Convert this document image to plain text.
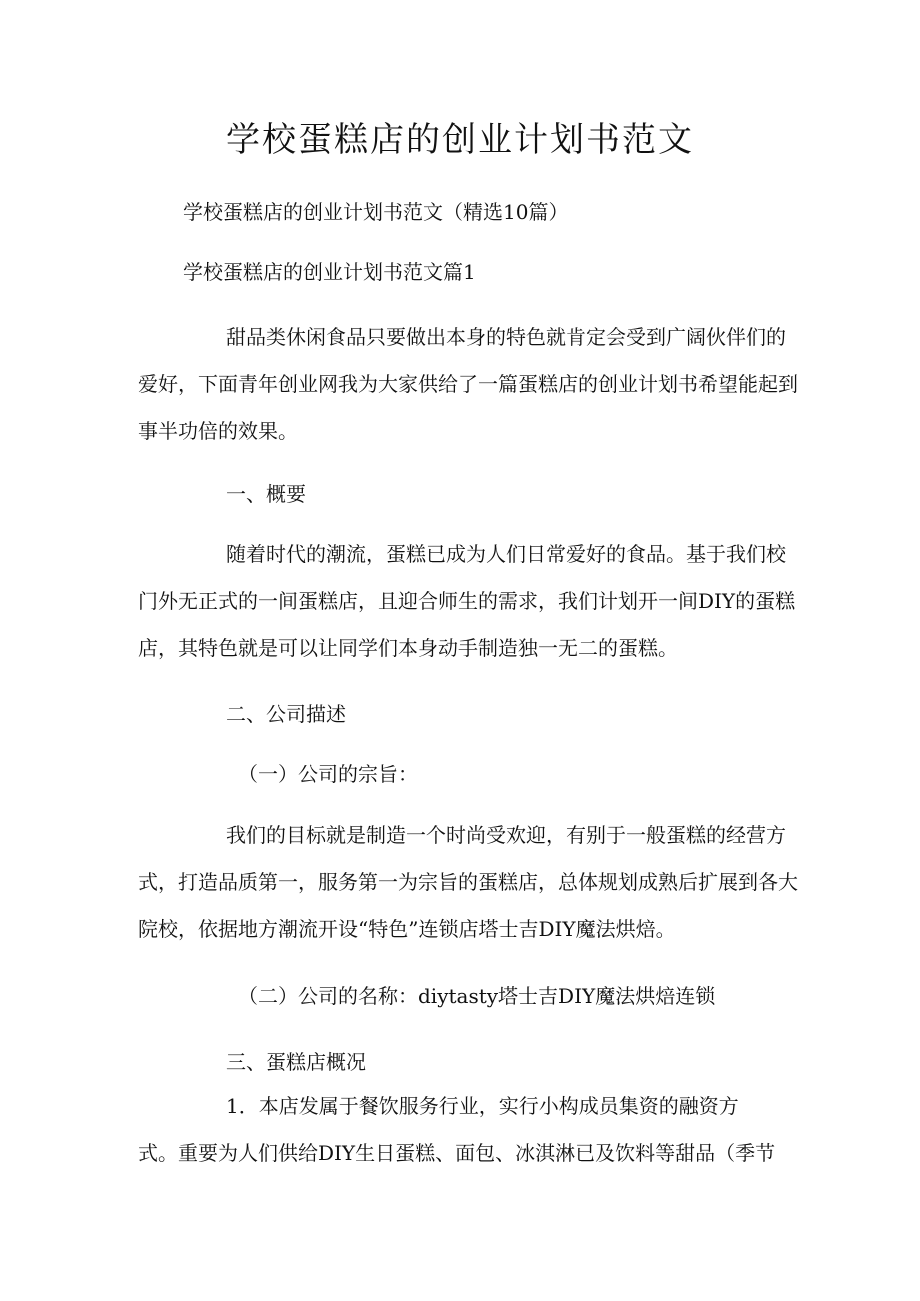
学校蛋糕店的创业计划书范文
学校蛋糕店的创业计划书范文（精选10篇）
学校蛋糕店的创业计划书范文篇1
甜品类休闲食品只要做出本身的特色就肯定会受到广阔伙伴们的爱好，下面青年创业网我为大家供给了一篇蛋糕店的创业计划书希望能起到事半功倍的效果。
一、概要
随着时代的潮流，蛋糕已成为人们日常爱好的食品。基于我们校门外无正式的一间蛋糕店，且迎合师生的需求，我们计划开一间DIY的蛋糕店，其特色就是可以让同学们本身动手制造独一无二的蛋糕。
二、公司描述
（一）公司的宗旨：
我们的目标就是制造一个时尚受欢迎，有别于一般蛋糕的经营方式，打造品质第一，服务第一为宗旨的蛋糕店，总体规划成熟后扩展到各大院校，依据地方潮流开设“特色”连锁店塔士吉DIY魔法烘焙。
（二）公司的名称：diytasty塔士吉DIY魔法烘焙连锁
三、蛋糕店概况
1．本店发属于餐饮服务行业，实行小构成员集资的融资方
式。重要为人们供给DIY生日蛋糕、面包、冰淇淋已及饮料等甜品（季节
